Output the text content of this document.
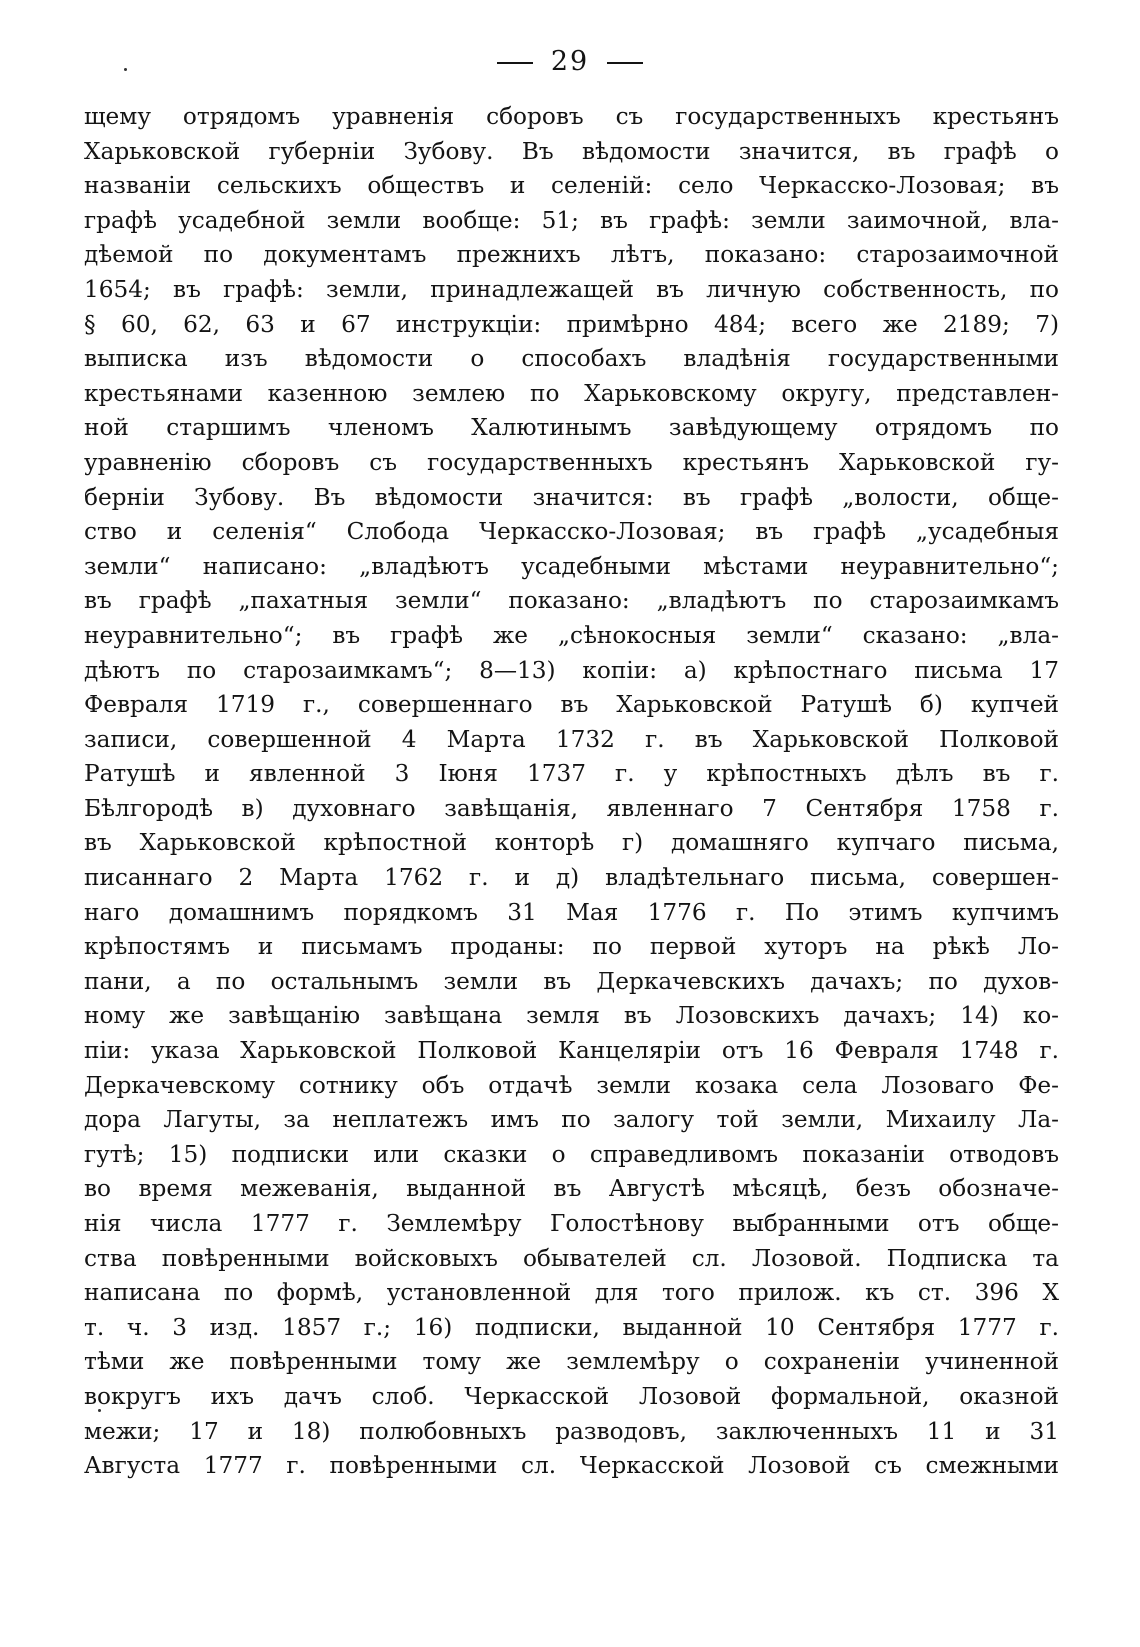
29
щему отрядомъ уравненія сборовъ съ государственныхъ крестьянъ
Харьковской губерніи Зубову. Въ вѣдомости значится, въ графѣ о
названіи сельскихъ обществъ и селеній: село Черкасско-Лозовая; въ
графѣ усадебной земли вообще: 51; въ графѣ: земли заимочной, вла-
дѣемой по документамъ прежнихъ лѣтъ, показано: старозаимочной
1654; въ графѣ: земли, принадлежащей въ личную собственность, по
§ 60, 62, 63 и 67 инструкціи: примѣрно 484; всего же 2189; 7)
выписка изъ вѣдомости о способахъ владѣнія государственными
крестьянами казенною землею по Харьковскому округу, представлен-
ной старшимъ членомъ Халютинымъ завѣдующему отрядомъ по
уравненію сборовъ съ государственныхъ крестьянъ Харьковской гу-
берніи Зубову. Въ вѣдомости значится: въ графѣ „волости, обще-
ство и селенія“ Слобода Черкасско-Лозовая; въ графѣ „усадебныя
земли“ написано: „владѣютъ усадебными мѣстами неуравнительно“;
въ графѣ „пахатныя земли“ показано: „владѣютъ по старозаимкамъ
неуравнительно“; въ графѣ же „сѣнокосныя земли“ сказано: „вла-
дѣютъ по старозаимкамъ“; 8—13) копіи: а) крѣпостнаго письма 17
Февраля 1719 г., совершеннаго въ Харьковской Ратушѣ б) купчей
записи, совершенной 4 Марта 1732 г. въ Харьковской Полковой
Ратушѣ и явленной 3 Іюня 1737 г. у крѣпостныхъ дѣлъ въ г.
Бѣлгородѣ в) духовнаго завѣщанія, явленнаго 7 Сентября 1758 г.
въ Харьковской крѣпостной конторѣ г) домашняго купчаго письма,
писаннаго 2 Марта 1762 г. и д) владѣтельнаго письма, совершен-
наго домашнимъ порядкомъ 31 Мая 1776 г. По этимъ купчимъ
крѣпостямъ и письмамъ проданы: по первой хуторъ на рѣкѣ Ло-
пани, а по остальнымъ земли въ Деркачевскихъ дачахъ; по духов-
ному же завѣщанію завѣщана земля въ Лозовскихъ дачахъ; 14) ко-
піи: указа Харьковской Полковой Канцеляріи отъ 16 Февраля 1748 г.
Деркачевскому сотнику объ отдачѣ земли козака села Лозоваго Фе-
дора Лагуты, за неплатежъ имъ по залогу той земли, Михаилу Ла-
гутѣ; 15) подписки или сказки о справедливомъ показаніи отводовъ
во время межеванія, выданной въ Августѣ мѣсяцѣ, безъ обозначе-
нія числа 1777 г. Землемѣру Голостѣнову выбранными отъ обще-
ства повѣренными войсковыхъ обывателей сл. Лозовой. Подписка та
написана по формѣ, установленной для того прилож. къ ст. 396 X
т. ч. 3 изд. 1857 г.; 16) подписки, выданной 10 Сентября 1777 г.
тѣми же повѣренными тому же землемѣру о сохраненіи учиненной
вокругъ ихъ дачъ слоб. Черкасской Лозовой формальной, оказной
межи; 17 и 18) полюбовныхъ разводовъ, заключенныхъ 11 и 31
Августа 1777 г. повѣренными сл. Черкасской Лозовой съ смежными
